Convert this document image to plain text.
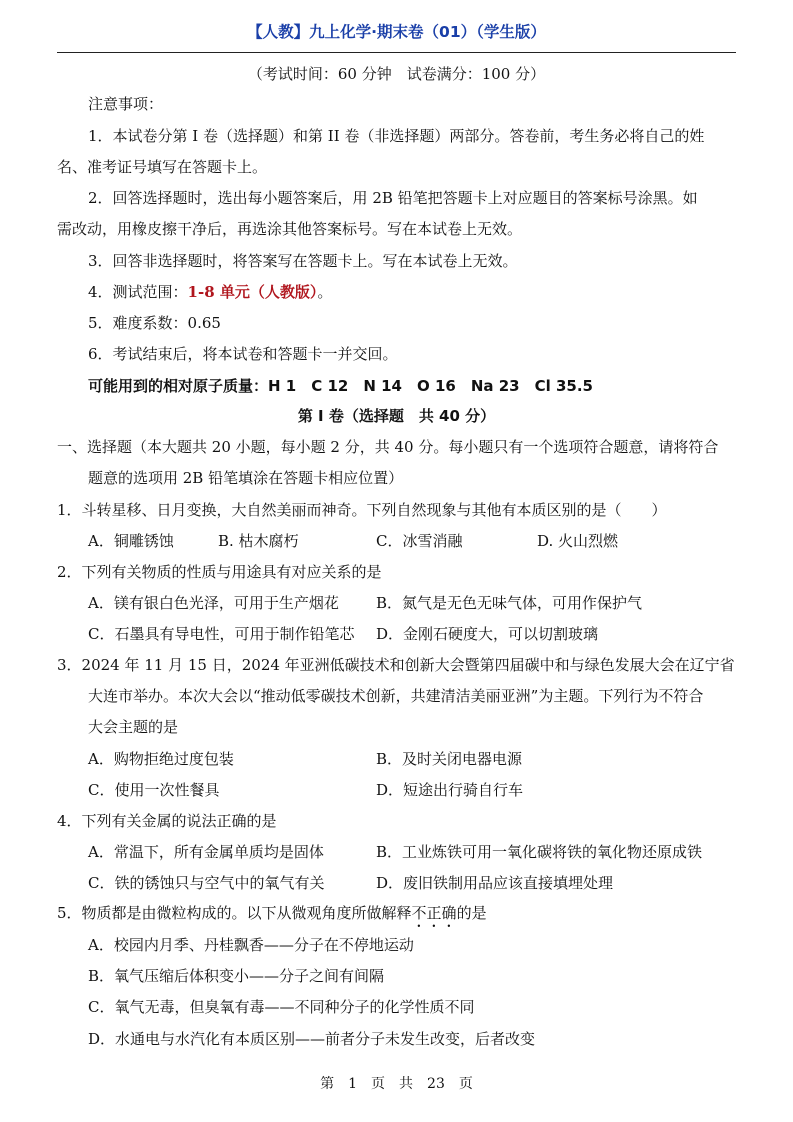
【人教】九上化学·期末卷（01）（学生版）
（考试时间：60 分钟　试卷满分：100 分）
注意事项：
1．本试卷分第 I 卷（选择题）和第 II 卷（非选择题）两部分。答卷前，考生务必将自己的姓
名、准考证号填写在答题卡上。
2．回答选择题时，选出每小题答案后，用 2B 铅笔把答题卡上对应题目的答案标号涂黑。如
需改动，用橡皮擦干净后，再选涂其他答案标号。写在本试卷上无效。
3．回答非选择题时，将答案写在答题卡上。写在本试卷上无效。
4．测试范围：1-8 单元（人教版）。
5．难度系数：0.65
6．考试结束后，将本试卷和答题卡一并交回。
可能用到的相对原子质量：H 1　C 12　N 14　O 16　Na 23　Cl 35.5
第 I 卷（选择题　共 40 分）
一、选择题（本大题共 20 小题，每小题 2 分，共 40 分。每小题只有一个选项符合题意，请将符合
题意的选项用 2B 铅笔填涂在答题卡相应位置）
1．斗转星移、日月变换，大自然美丽而神奇。下列自然现象与其他有本质区别的是（　　）
A．铜雕锈蚀	B. 枯木腐朽	C．冰雪消融	D. 火山烈燃
2．下列有关物质的性质与用途具有对应关系的是
A．镁有银白色光泽，可用于生产烟花 B．氮气是无色无味气体，可用作保护气
C．石墨具有导电性，可用于制作铅笔芯 D．金刚石硬度大，可以切割玻璃
3．2024 年 11 月 15 日，2024 年亚洲低碳技术和创新大会暨第四届碳中和与绿色发展大会在辽宁省
大连市举办。本次大会以“推动低零碳技术创新，共建清洁美丽亚洲”为主题。下列行为不符合
大会主题的是
A．购物拒绝过度包装	B．及时关闭电器电源
C．使用一次性餐具	D．短途出行骑自行车
4．下列有关金属的说法正确的是
A．常温下，所有金属单质均是固体	B．工业炼铁可用一氧化碳将铁的氧化物还原成铁
C．铁的锈蚀只与空气中的氧气有关	D．废旧铁制用品应该直接填埋处理
5．物质都是由微粒构成的。以下从微观角度所做解释不正确的是
A．校园内月季、丹桂飘香——分子在不停地运动
B．氧气压缩后体积变小——分子之间有间隔
C．氧气无毒，但臭氧有毒——不同种分子的化学性质不同
D．水通电与水汽化有本质区别——前者分子未发生改变，后者改变
第　1　页　共　23　页
